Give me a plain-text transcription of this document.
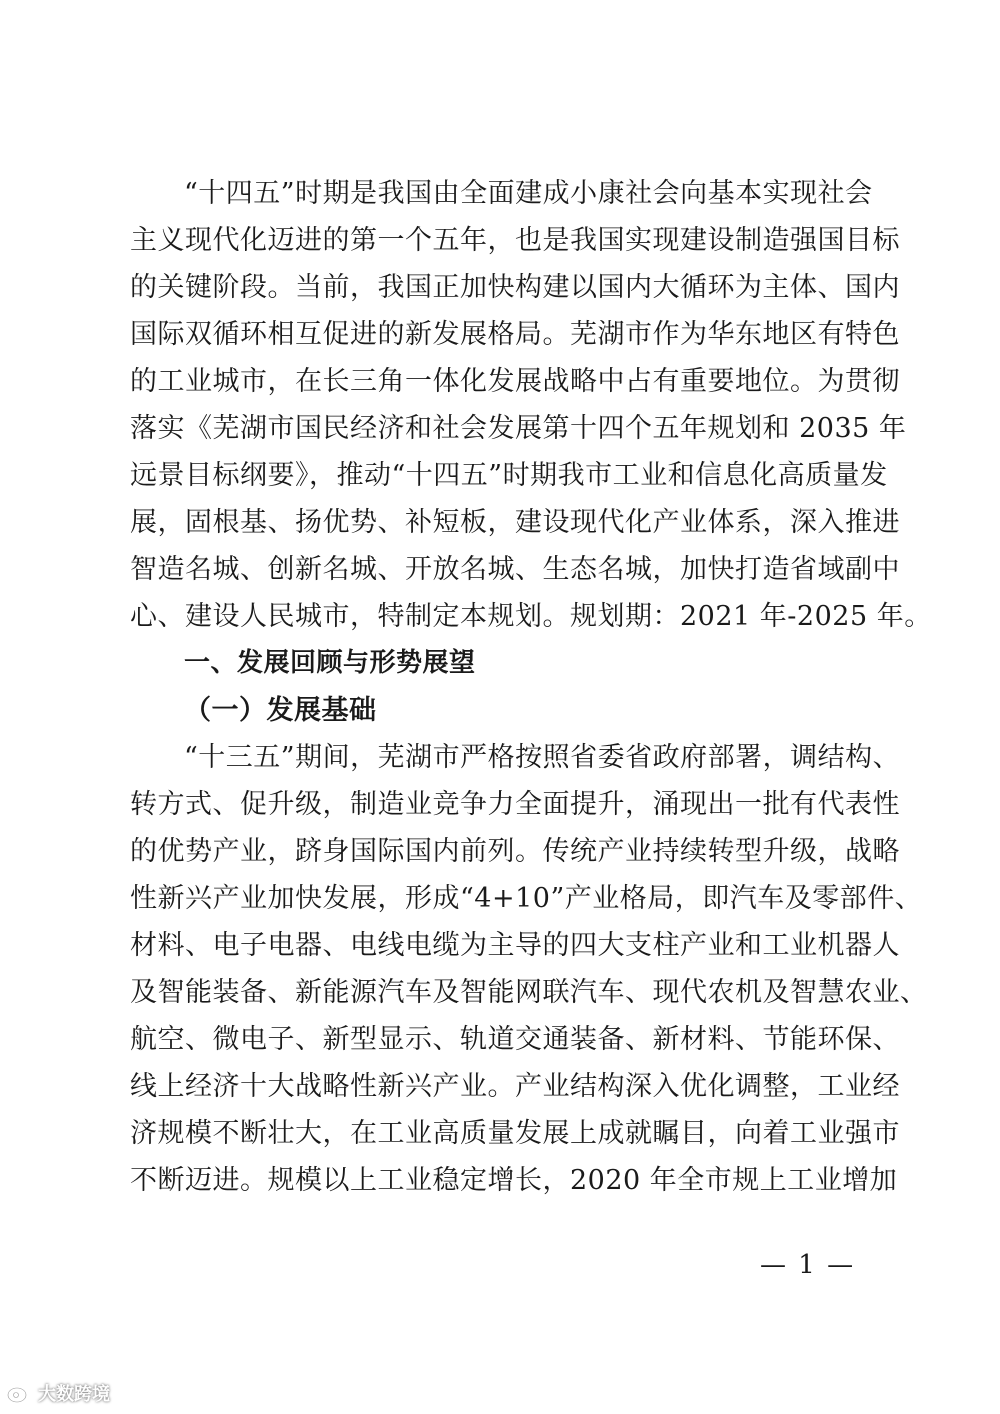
“十四五”时期是我国由全面建成小康社会向基本实现社会
主义现代化迈进的第一个五年，也是我国实现建设制造强国目标
的关键阶段。当前，我国正加快构建以国内大循环为主体、国内
国际双循环相互促进的新发展格局。芜湖市作为华东地区有特色
的工业城市，在长三角一体化发展战略中占有重要地位。为贯彻
落实《芜湖市国民经济和社会发展第十四个五年规划和 2035 年
远景目标纲要》，推动“十四五”时期我市工业和信息化高质量发
展，固根基、扬优势、补短板，建设现代化产业体系，深入推进
智造名城、创新名城、开放名城、生态名城，加快打造省域副中
心、建设人民城市，特制定本规划。规划期：2021 年-2025 年。
一、发展回顾与形势展望
（一）发展基础
“十三五”期间，芜湖市严格按照省委省政府部署，调结构、
转方式、促升级，制造业竞争力全面提升，涌现出一批有代表性
的优势产业，跻身国际国内前列。传统产业持续转型升级，战略
性新兴产业加快发展，形成“4+10”产业格局，即汽车及零部件、
材料、电子电器、电线电缆为主导的四大支柱产业和工业机器人
及智能装备、新能源汽车及智能网联汽车、现代农机及智慧农业、
航空、微电子、新型显示、轨道交通装备、新材料、节能环保、
线上经济十大战略性新兴产业。产业结构深入优化调整，工业经
济规模不断壮大，在工业高质量发展上成就瞩目，向着工业强市
不断迈进。规模以上工业稳定增长，2020 年全市规上工业增加
— 1 —
大数跨境
